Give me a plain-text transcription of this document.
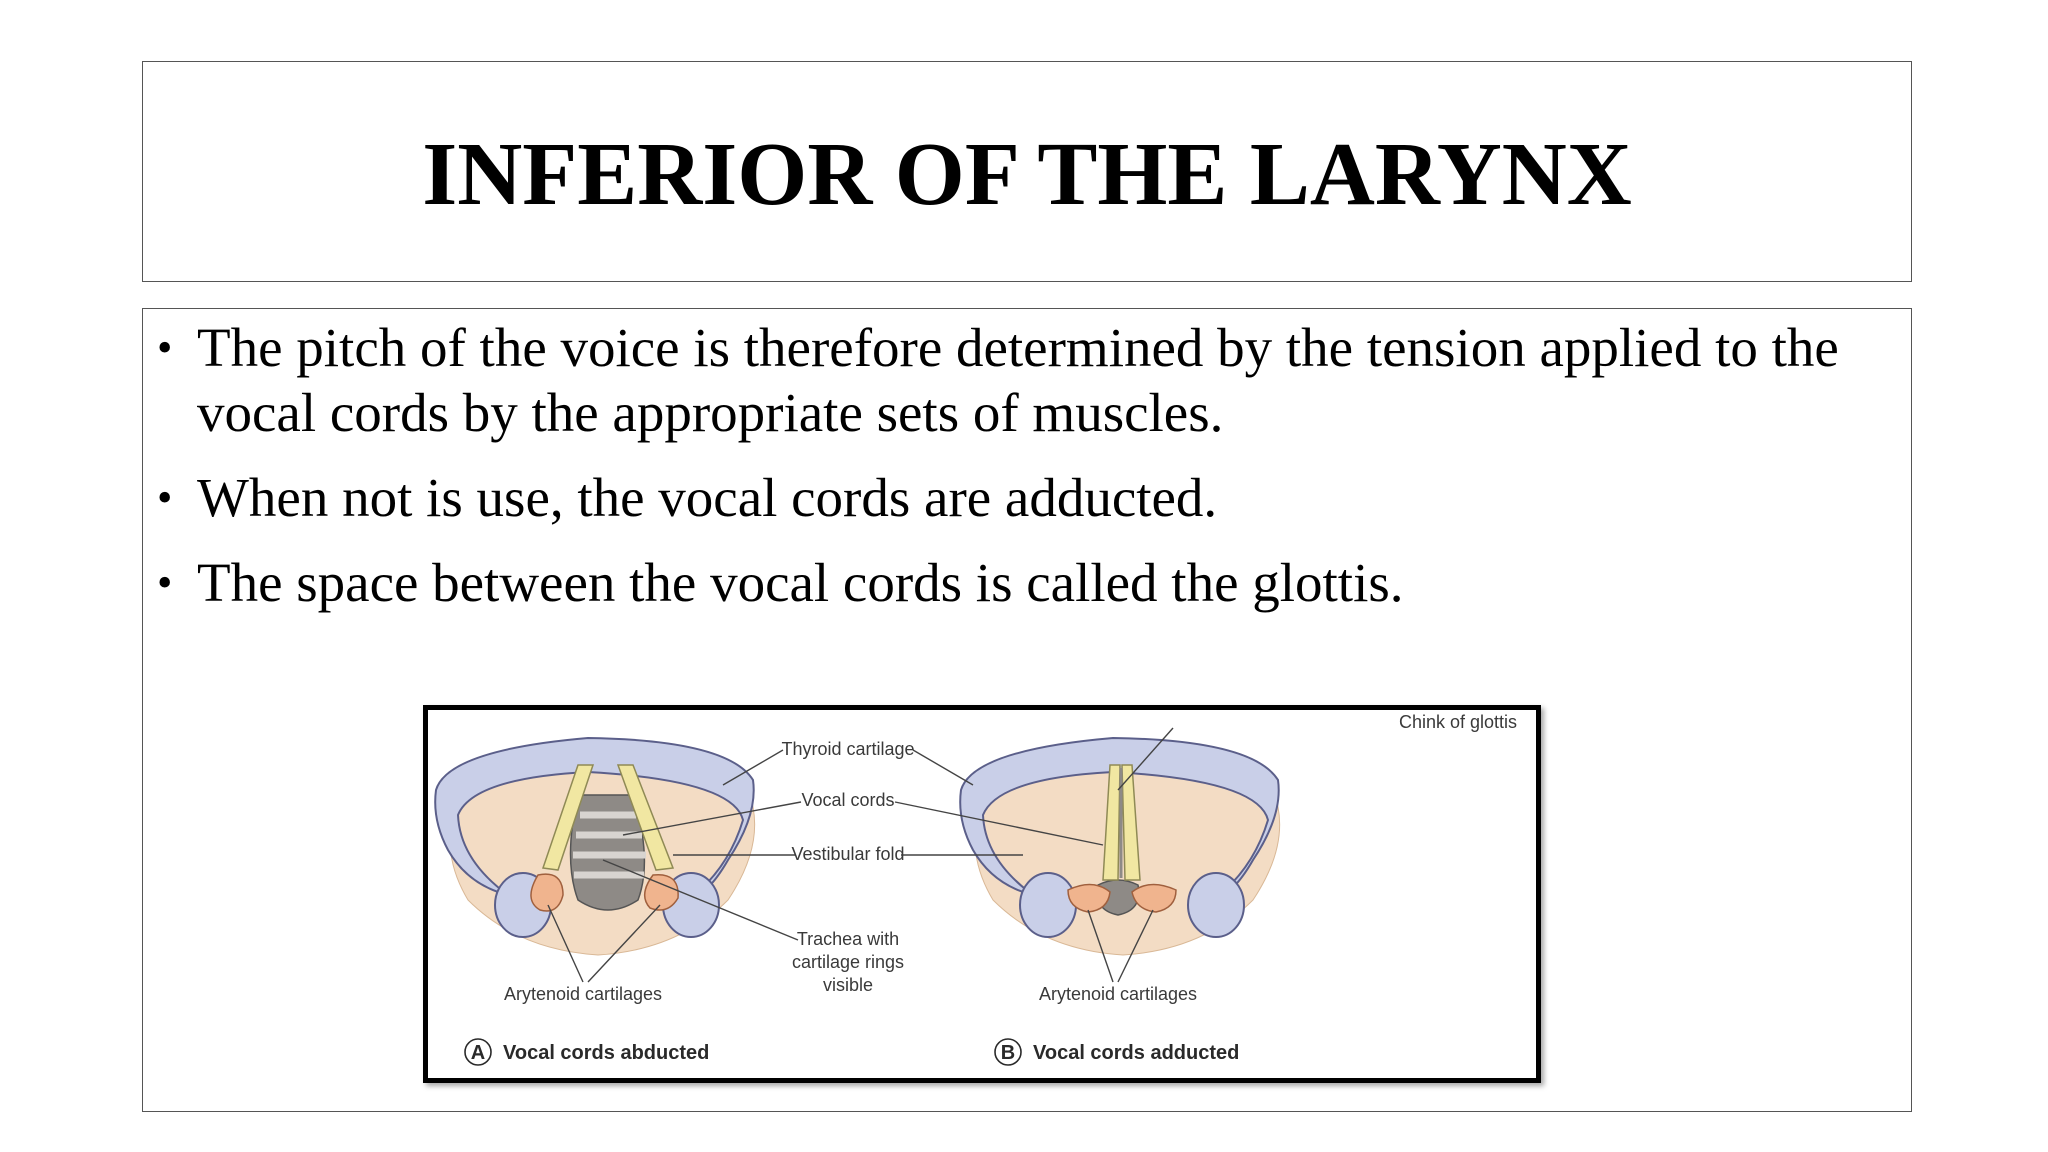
INFERIOR OF THE LARYNX
• The pitch of the voice is therefore determined by the tension applied to the vocal cords by the appropriate sets of muscles.
• When not is use, the vocal cords are adducted.
• The space between the vocal cords is called the glottis.
Thyroid cartilage
Vocal cords
Vestibular fold
Trachea with
cartilage rings
visible
Chink of glottis
Arytenoid cartilages	Arytenoid cartilages
A Vocal cords abducted	B Vocal cords adducted
